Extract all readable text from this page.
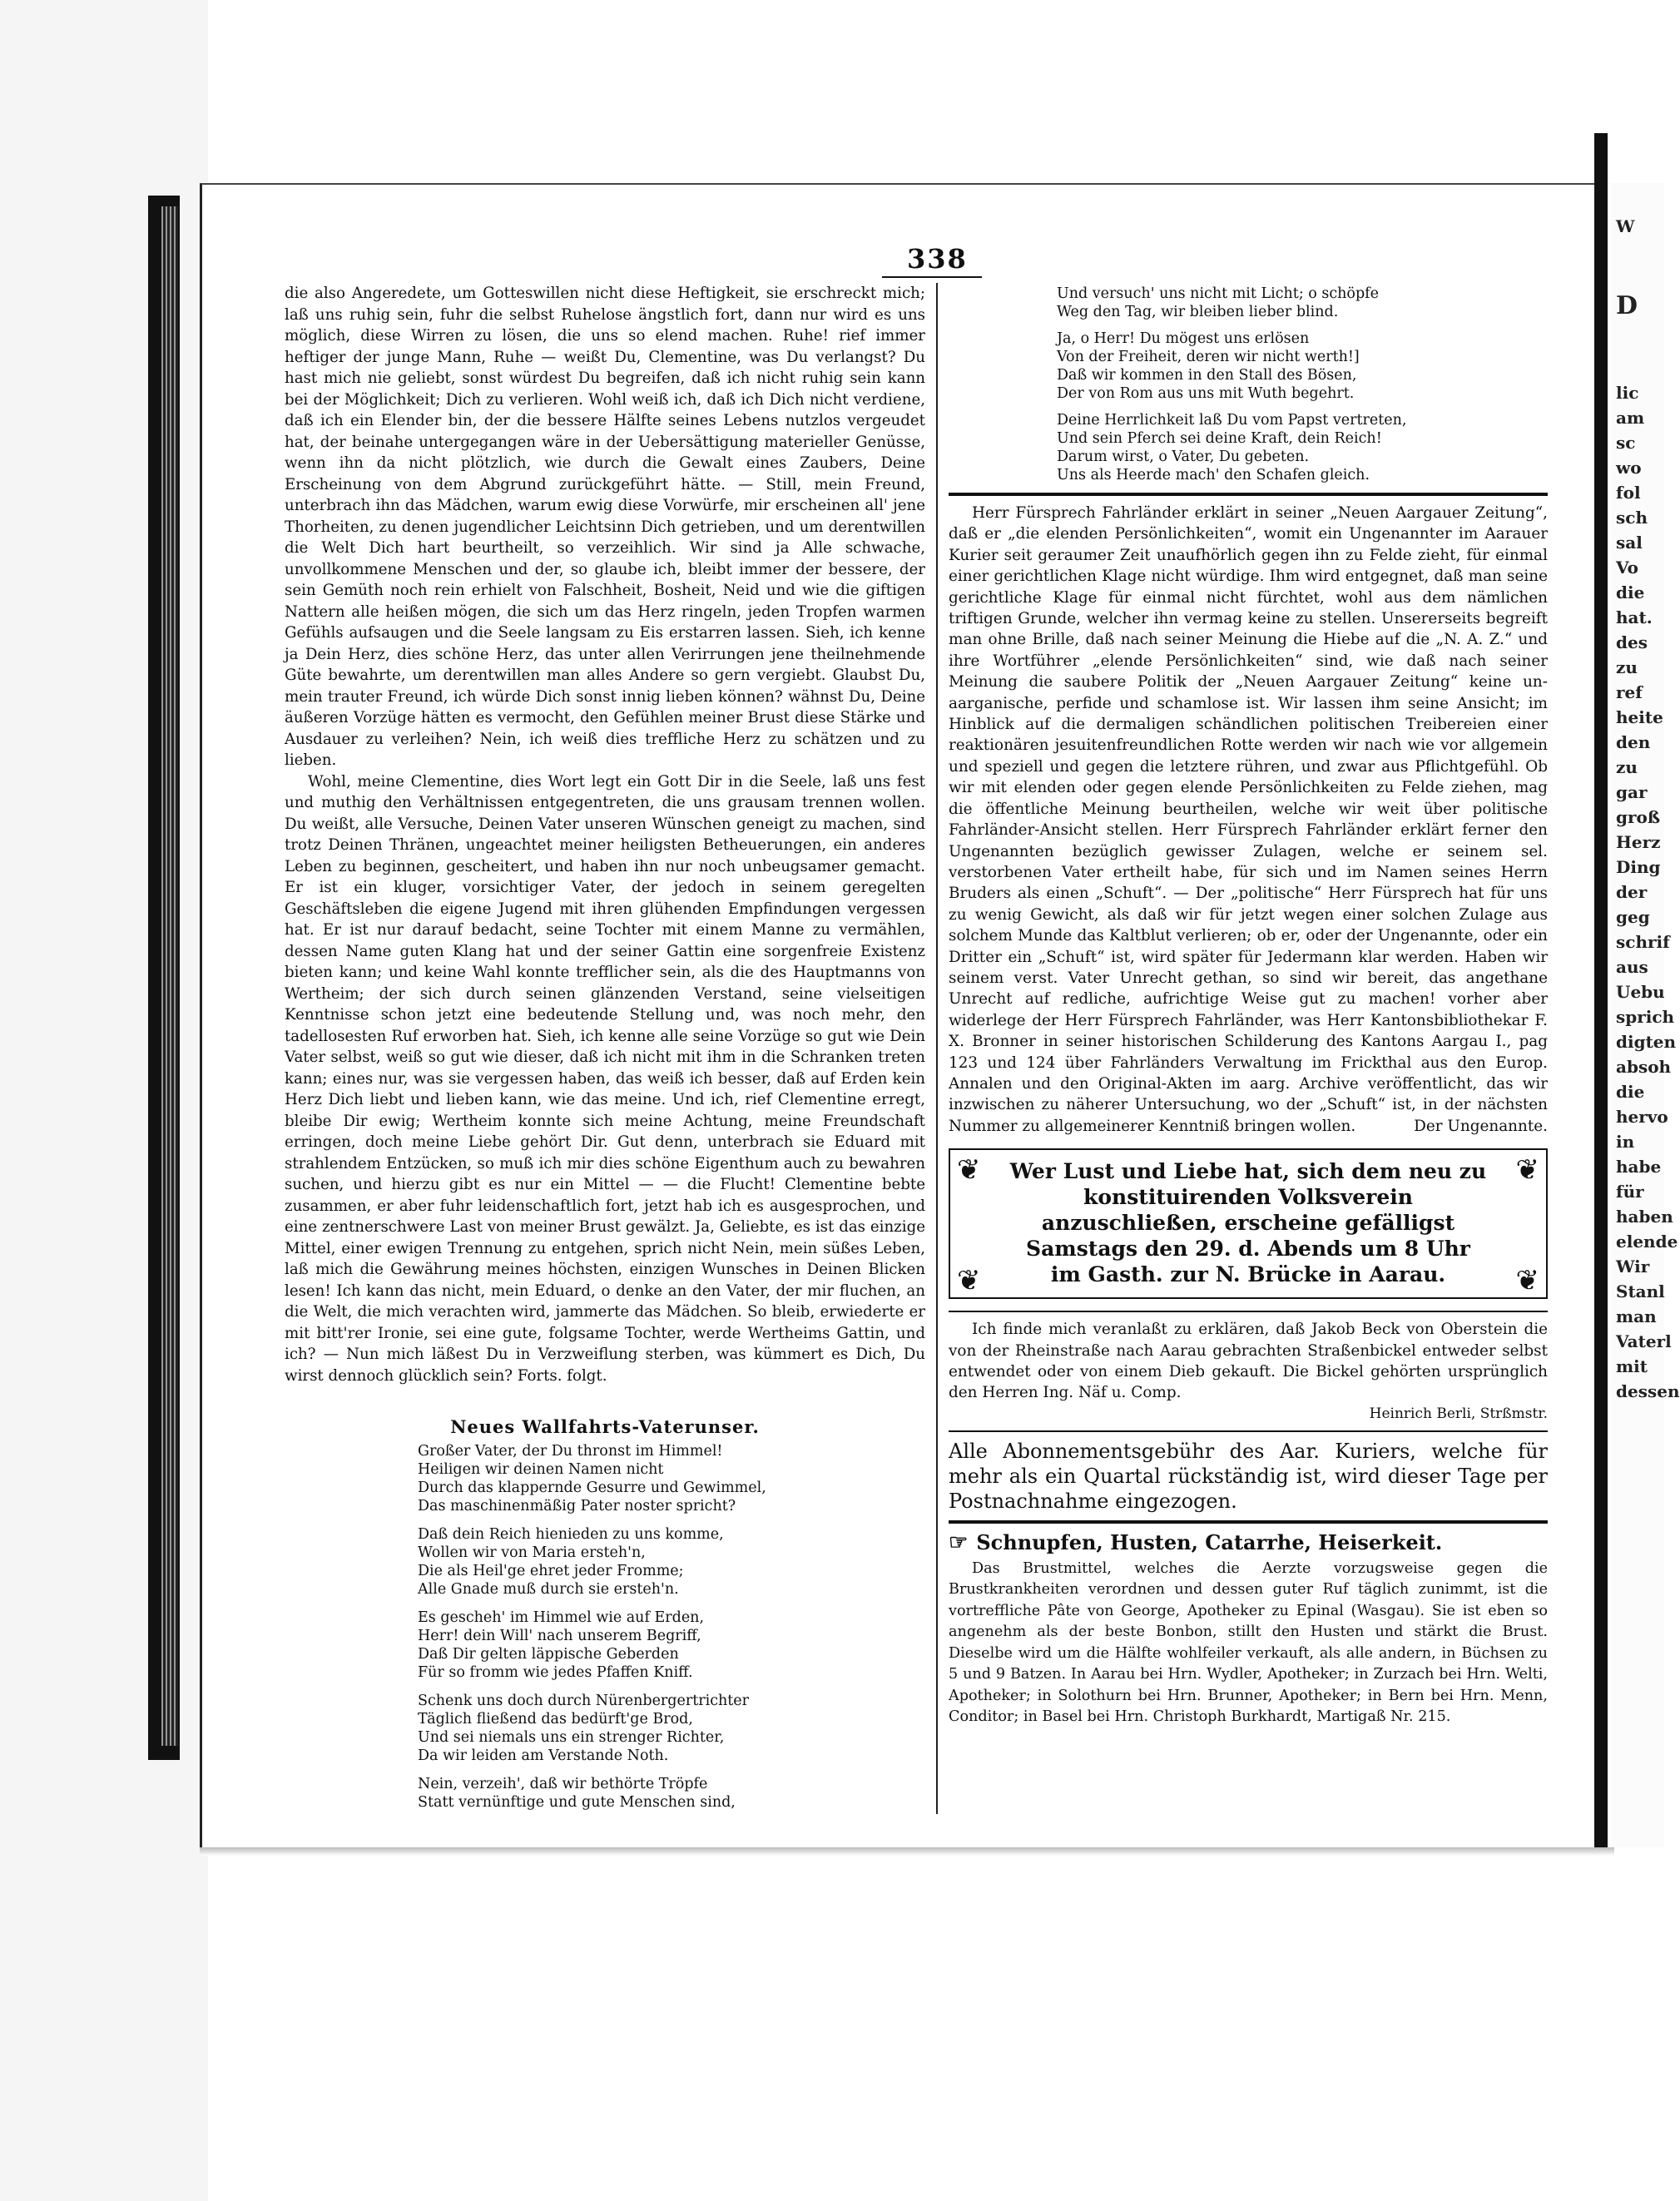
W
D
lic
am
sc
wo
fol
sch
sal
Vo
die
hat.
des
zu
ref
heite
den
zu
gar
groß
Herz
Ding
der
geg
schrif
aus
Uebu
sprich
digten
absoh
die
hervo
in
habe
für
haben
elende
Wir
Stanl
man
Vaterl
mit
dessen
338

die also Angeredete, um Gotteswillen nicht diese Heftigkeit, sie erschreckt mich; laß uns ruhig sein, fuhr die selbst Ruhelose ängstlich fort, dann nur wird es uns möglich, diese Wirren zu lösen, die uns so elend machen. Ruhe! rief immer heftiger der junge Mann, Ruhe — weißt Du, Clementine, was Du verlangst? Du hast mich nie geliebt, sonst würdest Du begreifen, daß ich nicht ruhig sein kann bei der Möglichkeit; Dich zu verlieren. Wohl weiß ich, daß ich Dich nicht verdiene, daß ich ein Elender bin, der die bessere Hälfte seines Lebens nutzlos vergeudet hat, der beinahe untergegangen wäre in der Uebersättigung materieller Genüsse, wenn ihn da nicht plötzlich, wie durch die Gewalt eines Zaubers, Deine Erscheinung von dem Abgrund zurückgeführt hätte. — Still, mein Freund, unterbrach ihn das Mädchen, warum ewig diese Vorwürfe, mir erscheinen all' jene Thorheiten, zu denen jugendlicher Leichtsinn Dich getrieben, und um derentwillen die Welt Dich hart beurtheilt, so verzeihlich. Wir sind ja Alle schwache, unvollkommene Menschen und der, so glaube ich, bleibt immer der bessere, der sein Gemüth noch rein erhielt von Falschheit, Bosheit, Neid und wie die giftigen Nattern alle heißen mögen, die sich um das Herz ringeln, jeden Tropfen warmen Gefühls aufsaugen und die Seele langsam zu Eis erstarren lassen. Sieh, ich kenne ja Dein Herz, dies schöne Herz, das unter allen Verirrungen jene theilnehmende Güte bewahrte, um derentwillen man alles Andere so gern vergiebt. Glaubst Du, mein trauter Freund, ich würde Dich sonst innig lieben können? wähnst Du, Deine äußeren Vorzüge hätten es vermocht, den Gefühlen meiner Brust diese Stärke und Ausdauer zu verleihen? Nein, ich weiß dies treffliche Herz zu schätzen und zu lieben.

Wohl, meine Clementine, dies Wort legt ein Gott Dir in die Seele, laß uns fest und muthig den Verhältnissen entgegentreten, die uns grausam trennen wollen. Du weißt, alle Versuche, Deinen Vater unseren Wünschen geneigt zu machen, sind trotz Deinen Thränen, ungeachtet meiner heiligsten Betheuerungen, ein anderes Leben zu beginnen, gescheitert, und haben ihn nur noch unbeugsamer gemacht. Er ist ein kluger, vorsichtiger Vater, der jedoch in seinem geregelten Geschäftsleben die eigene Jugend mit ihren glühenden Empfindungen vergessen hat. Er ist nur darauf bedacht, seine Tochter mit einem Manne zu vermählen, dessen Name guten Klang hat und der seiner Gattin eine sorgenfreie Existenz bieten kann; und keine Wahl konnte trefflicher sein, als die des Hauptmanns von Wertheim; der sich durch seinen glänzenden Verstand, seine vielseitigen Kenntnisse schon jetzt eine bedeutende Stellung und, was noch mehr, den tadellosesten Ruf erworben hat. Sieh, ich kenne alle seine Vorzüge so gut wie Dein Vater selbst, weiß so gut wie dieser, daß ich nicht mit ihm in die Schranken treten kann; eines nur, was sie vergessen haben, das weiß ich besser, daß auf Erden kein Herz Dich liebt und lieben kann, wie das meine. Und ich, rief Clementine erregt, bleibe Dir ewig; Wertheim konnte sich meine Achtung, meine Freundschaft erringen, doch meine Liebe gehört Dir. Gut denn, unterbrach sie Eduard mit strahlendem Entzücken, so muß ich mir dies schöne Eigenthum auch zu bewahren suchen, und hierzu gibt es nur ein Mittel — — die Flucht! Clementine bebte zusammen, er aber fuhr leidenschaftlich fort, jetzt hab ich es ausgesprochen, und eine zentnerschwere Last von meiner Brust gewälzt. Ja, Geliebte, es ist das einzige Mittel, einer ewigen Trennung zu entgehen, sprich nicht Nein, mein süßes Leben, laß mich die Gewährung meines höchsten, einzigen Wunsches in Deinen Blicken lesen! Ich kann das nicht, mein Eduard, o denke an den Vater, der mir fluchen, an die Welt, die mich verachten wird, jammerte das Mädchen. So bleib, erwiederte er mit bitt'rer Ironie, sei eine gute, folgsame Tochter, werde Wertheims Gattin, und ich? — Nun mich läßest Du in Verzweiflung sterben, was kümmert es Dich, Du wirst dennoch glücklich sein? Forts. folgt.

Neues Wallfahrts-Vaterunser.
Großer Vater, der Du thronst im Himmel!
Heiligen wir deinen Namen nicht
Durch das klappernde Gesurre und Gewimmel,
Das maschinenmäßig Pater noster spricht?
Daß dein Reich hienieden zu uns komme,
Wollen wir von Maria ersteh'n,
Die als Heil'ge ehret jeder Fromme;
Alle Gnade muß durch sie ersteh'n.
Es gescheh' im Himmel wie auf Erden,
Herr! dein Will' nach unserem Begriff,
Daß Dir gelten läppische Geberden
Für so fromm wie jedes Pfaffen Kniff.
Schenk uns doch durch Nürenbergertrichter
Täglich fließend das bedürft'ge Brod,
Und sei niemals uns ein strenger Richter,
Da wir leiden am Verstande Noth.
Nein, verzeih', daß wir bethörte Tröpfe
Statt vernünftige und gute Menschen sind,
Und versuch' uns nicht mit Licht; o schöpfe
Weg den Tag, wir bleiben lieber blind.
Ja, o Herr! Du mögest uns erlösen
Von der Freiheit, deren wir nicht werth!]
Daß wir kommen in den Stall des Bösen,
Der von Rom aus uns mit Wuth begehrt.
Deine Herrlichkeit laß Du vom Papst vertreten,
Und sein Pferch sei deine Kraft, dein Reich!
Darum wirst, o Vater, Du gebeten.
Uns als Heerde mach' den Schafen gleich.

Herr Fürsprech Fahrländer erklärt in seiner „Neuen Aargauer Zeitung“, daß er „die elenden Persönlichkeiten“, womit ein Ungenannter im Aarauer Kurier seit geraumer Zeit unaufhörlich gegen ihn zu Felde zieht, für einmal einer gerichtlichen Klage nicht würdige. Ihm wird entgegnet, daß man seine gerichtliche Klage für einmal nicht fürchtet, wohl aus dem nämlichen triftigen Grunde, welcher ihn vermag keine zu stellen. Unsererseits begreift man ohne Brille, daß nach seiner Meinung die Hiebe auf die „N. A. Z.“ und ihre Wortführer „elende Persönlichkeiten“ sind, wie daß nach seiner Meinung die saubere Politik der „Neuen Aargauer Zeitung“ keine un-aarganische, perfide und schamlose ist. Wir lassen ihm seine Ansicht; im Hinblick auf die dermaligen schändlichen politischen Treibereien einer reaktionären jesuitenfreundlichen Rotte werden wir nach wie vor allgemein und speziell und gegen die letztere rühren, und zwar aus Pflichtgefühl. Ob wir mit elenden oder gegen elende Persönlichkeiten zu Felde ziehen, mag die öffentliche Meinung beurtheilen, welche wir weit über politische Fahrländer-Ansicht stellen. Herr Fürsprech Fahrländer erklärt ferner den Ungenannten bezüglich gewisser Zulagen, welche er seinem sel. verstorbenen Vater ertheilt habe, für sich und im Namen seines Herrn Bruders als einen „Schuft“. — Der „politische“ Herr Fürsprech hat für uns zu wenig Gewicht, als daß wir für jetzt wegen einer solchen Zulage aus solchem Munde das Kaltblut verlieren; ob er, oder der Ungenannte, oder ein Dritter ein „Schuft“ ist, wird später für Jedermann klar werden. Haben wir seinem verst. Vater Unrecht gethan, so sind wir bereit, das angethane Unrecht auf redliche, aufrichtige Weise gut zu machen! vorher aber widerlege der Herr Fürsprech Fahrländer, was Herr Kantonsbibliothekar F. X. Bronner in seiner historischen Schilderung des Kantons Aargau I., pag 123 und 124 über Fahrländers Verwaltung im Frickthal aus den Europ. Annalen und den Original-Akten im aarg. Archive veröffentlicht, das wir inzwischen zu näherer Untersuchung, wo der „Schuft“ ist, in der nächsten Nummer zu allgemeinerer Kenntniß bringen wollen.	Der Ungenannte.
❦	❦
❦	❦
Wer Lust und Liebe hat, sich dem neu zu konstituirenden Volksverein anzuschließen, erscheine gefälligst Samstags den 29. d. Abends um 8 Uhr im Gasth. zur N. Brücke in Aarau.

Ich finde mich veranlaßt zu erklären, daß Jakob Beck von Oberstein die von der Rheinstraße nach Aarau gebrachten Straßenbickel entweder selbst entwendet oder von einem Dieb gekauft. Die Bickel gehörten ursprünglich den Herren Ing. Näf u. Comp.

Heinrich Berli, Strßmstr.

Alle Abonnementsgebühr des Aar. Kuriers, welche für mehr als ein Quartal rückständig ist, wird dieser Tage per Postnachnahme eingezogen.

☞ Schnupfen, Husten, Catarrhe, Heiserkeit.

Das Brustmittel, welches die Aerzte vorzugsweise gegen die Brustkrankheiten verordnen und dessen guter Ruf täglich zunimmt, ist die vortreffliche Pâte von George, Apotheker zu Epinal (Wasgau). Sie ist eben so angenehm als der beste Bonbon, stillt den Husten und stärkt die Brust. Dieselbe wird um die Hälfte wohlfeiler verkauft, als alle andern, in Büchsen zu 5 und 9 Batzen. In Aarau bei Hrn. Wydler, Apotheker; in Zurzach bei Hrn. Welti, Apotheker; in Solothurn bei Hrn. Brunner, Apotheker; in Bern bei Hrn. Menn, Conditor; in Basel bei Hrn. Christoph Burkhardt, Martigaß Nr. 215.
